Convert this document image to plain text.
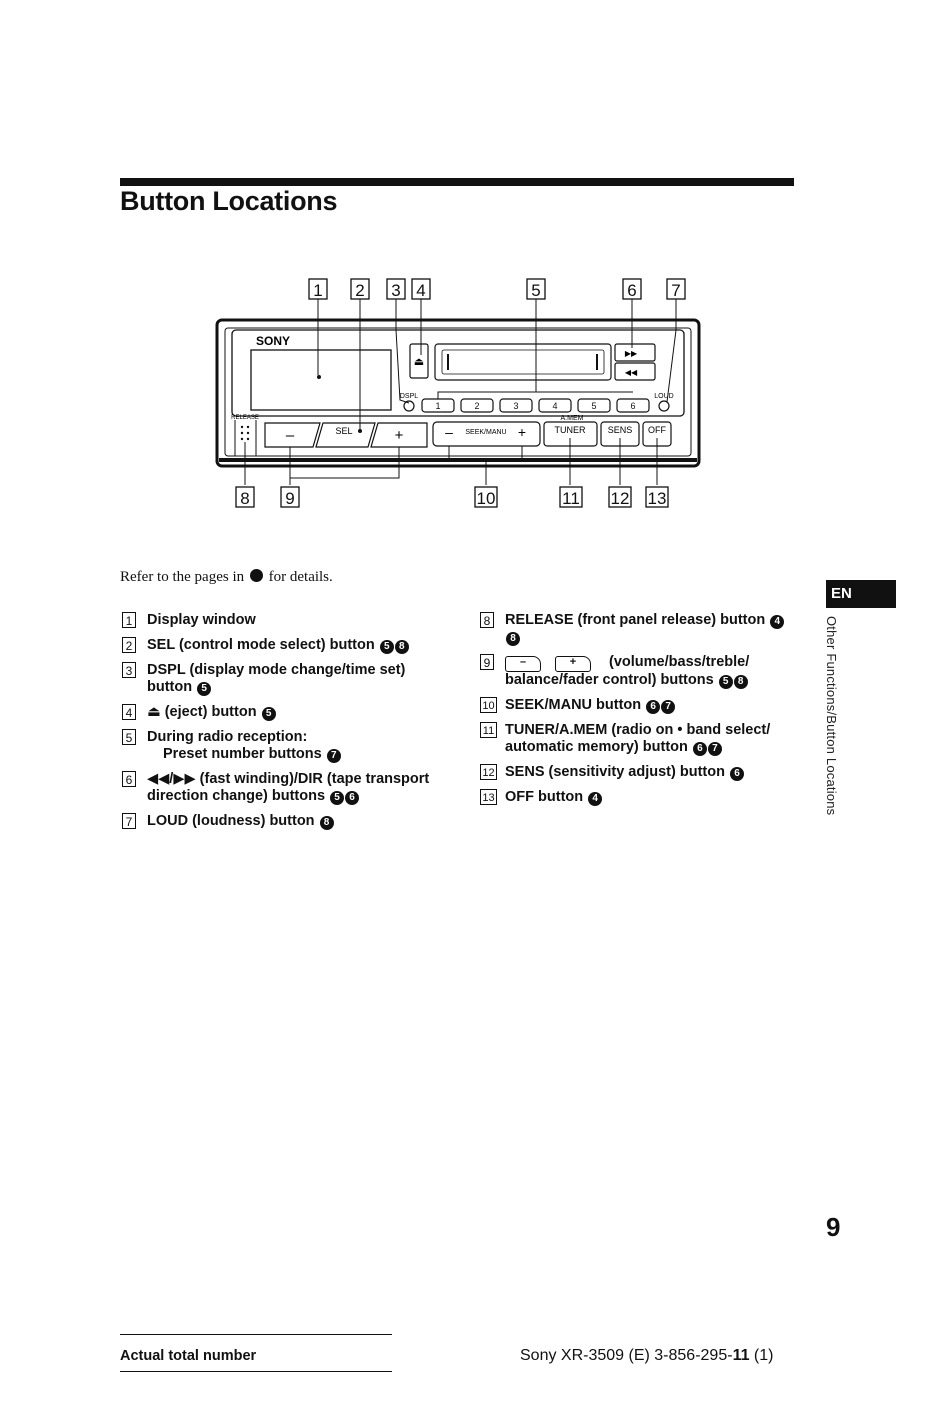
Button Locations
1 2 3 4	5	6 7
SONY
⏏
▶▶
◀◀
DSPL	LOUD
1	2	3	4	5	6
A.MEM
RELEASE
–	SEL	+	– SEEK/MANU +	TUNER SENS OFF
8 9	10	11 12 13
Refer to the pages in for details.
1 Display window
2 SEL (control mode select) button 5 8
3 DSPL (display mode change/time set) button 5
4 ⏏ (eject) button 5
5 During radio reception:
Preset number buttons 7
6 ◀◀/▶▶ (fast winding)/DIR (tape transport direction change) buttons 5 6
7 LOUD (loudness) button 8
8 RELEASE (front panel release) button 48
9	–	+ (volume/bass/treble/ balance/fader control) buttons 5 8
10 SEEK/MANU button 6 7
11 TUNER/A.MEM (radio on • band select/ automatic memory) button 6 7
12 SENS (sensitivity adjust) button 6
13 OFF button 4
EN
Other Functions/Button Locations
9
Actual total number	Sony XR-3509 (E) 3-856-295-11 (1)
